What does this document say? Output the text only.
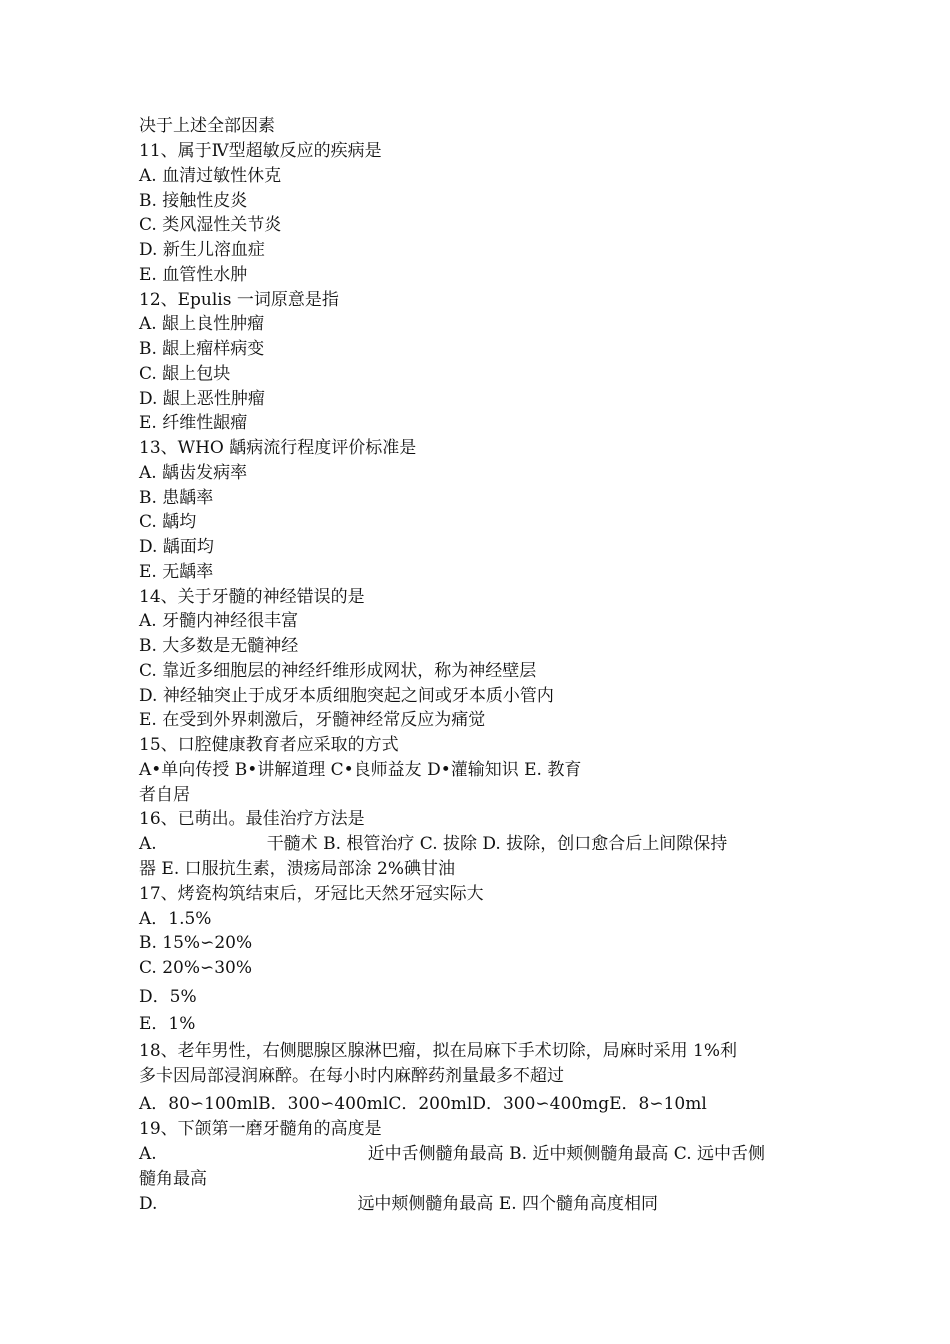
决于上述全部因素
11、属于Ⅳ型超敏反应的疾病是
A. 血清过敏性休克
B. 接触性皮炎
C. 类风湿性关节炎
D. 新生儿溶血症
E. 血管性水肿
12、Epulis 一词原意是指
A. 龈上良性肿瘤
B. 龈上瘤样病变
C. 龈上包块
D. 龈上恶性肿瘤
E. 纤维性龈瘤
13、WHO 龋病流行程度评价标准是
A. 龋齿发病率
B. 患龋率
C. 龋均
D. 龋面均
E. 无龋率
14、关于牙髓的神经错误的是
A. 牙髓内神经很丰富
B. 大多数是无髓神经
C. 靠近多细胞层的神经纤维形成网状，称为神经壁层
D. 神经轴突止于成牙本质细胞突起之间或牙本质小管内
E. 在受到外界刺激后，牙髓神经常反应为痛觉
15、口腔健康教育者应采取的方式
A•单向传授 B•讲解道理 C•良师益友 D•灌输知识 E. 教育
者自居
16、已萌出。最佳治疗方法是
A.	干髓术 B. 根管治疗 C. 拔除 D. 拔除，创口愈合后上间隙保持
器 E. 口服抗生素，溃疡局部涂 2%碘甘油
17、烤瓷构筑结束后，牙冠比天然牙冠实际大
A．1.5%
B. 15%∽20%
C. 20%∽30%
D．5%
E．1%
18、老年男性，右侧腮腺区腺淋巴瘤，拟在局麻下手术切除，局麻时采用 1%利
多卡因局部浸润麻醉。在每小时内麻醉药剂量最多不超过
A．80∽100mlB．300∽400mlC．200mlD．300∽400mgE．8∽10ml
19、下颌第一磨牙髓角的高度是
A.	近中舌侧髓角最高 B. 近中颊侧髓角最高 C. 远中舌侧
髓角最高
D.	远中颊侧髓角最高 E. 四个髓角高度相同
